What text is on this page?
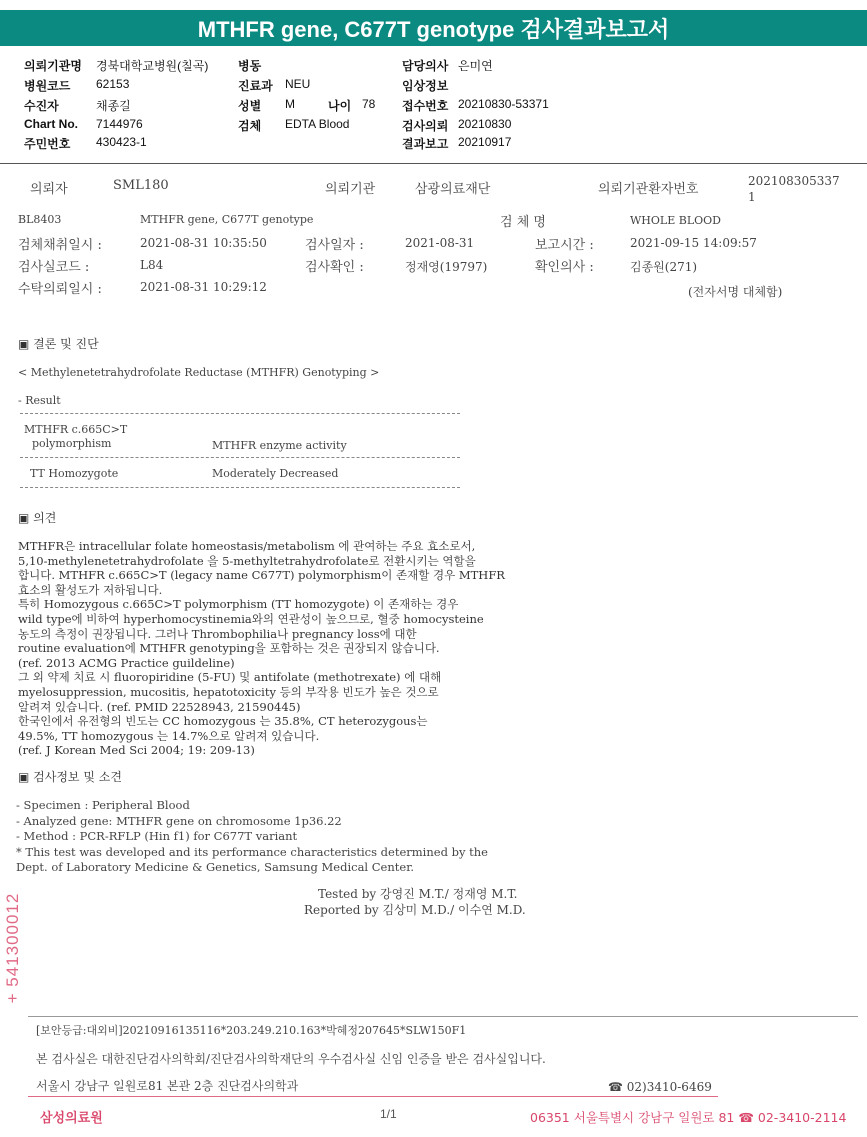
MTHFR gene, C677T genotype 검사결과보고서
의뢰기관명 경북대학교병원(칠곡)
병원코드 62153
수진자	채종길
Chart No. 7144976
주민번호 430423-1
병동
진료과 NEU
성별 M	나이 78
검체 EDTA Blood
담당의사 은미연
임상정보
접수번호 20210830-53371
검사의뢰 20210830
결과보고 20210917
의뢰자	SML180	의뢰기관	삼광의료재단	의뢰기관환자번호
202108305337
1
BL8403	MTHFR gene, C677T genotype	검 체 명	WHOLE BLOOD
검체채취일시 :	2021-08-31 10:35:50	검사일자 :	2021-08-31	보고시간 :	2021-09-15 14:09:57
검사실코드 :	L84	검사확인 :	정재영(19797)	확인의사 :	김종원(271)
수탁의뢰일시 :	2021-08-31 10:29:12	(전자서명 대체함)
▣ 결론 및 진단
< Methylenetetrahydrofolate Reductase (MTHFR) Genotyping >
- Result
MTHFR c.665C>T
polymorphism	MTHFR enzyme activity
TT Homozygote	Moderately Decreased
▣ 의견
MTHFR은 intracellular folate homeostasis/metabolism 에 관여하는 주요 효소로서,
5,10-methylenetetrahydrofolate 을 5-methyltetrahydrofolate로 전환시키는 역할을
합니다. MTHFR c.665C>T (legacy name C677T) polymorphism이 존재할 경우 MTHFR
효소의 활성도가 저하됩니다.
특히 Homozygous c.665C>T polymorphism (TT homozygote) 이 존재하는 경우
wild type에 비하여 hyperhomocystinemia와의 연관성이 높으므로, 혈중 homocysteine
농도의 측정이 권장됩니다. 그러나 Thrombophilia나 pregnancy loss에 대한
routine evaluation에 MTHFR genotyping을 포함하는 것은 권장되지 않습니다.
(ref. 2013 ACMG Practice guildeline)
그 외 약제 치료 시 fluoropiridine (5-FU) 및 antifolate (methotrexate) 에 대해
myelosuppression, mucositis, hepatotoxicity 등의 부작용 빈도가 높은 것으로
알려져 있습니다. (ref. PMID 22528943, 21590445)
한국인에서 유전형의 빈도는 CC homozygous 는 35.8%, CT heterozygous는
49.5%, TT homozygous 는 14.7%으로 알려져 있습니다.
(ref. J Korean Med Sci 2004; 19: 209-13)
▣ 검사정보 및 소견
- Specimen : Peripheral Blood
- Analyzed gene: MTHFR gene on chromosome 1p36.22
- Method : PCR-RFLP (Hin f1) for C677T variant
* This test was developed and its performance characteristics determined by the
Dept. of Laboratory Medicine & Genetics, Samsung Medical Center.
Tested by 강영진 M.T./ 정재영 M.T.
Reported by 김상미 M.D./ 이수연 M.D.
+ 541300012
[보안등급:대외비]20210916135116*203.249.210.163*박혜정207645*SLW150F1
본 검사실은 대한진단검사의학회/진단검사의학재단의 우수검사실 신임 인증을 받은 검사실입니다.
서울시 강남구 일원로81 본관 2층 진단검사의학과	☎ 02)3410-6469
삼성의료원	1/1	06351 서울특별시 강남구 일원로 81 ☎ 02-3410-2114
